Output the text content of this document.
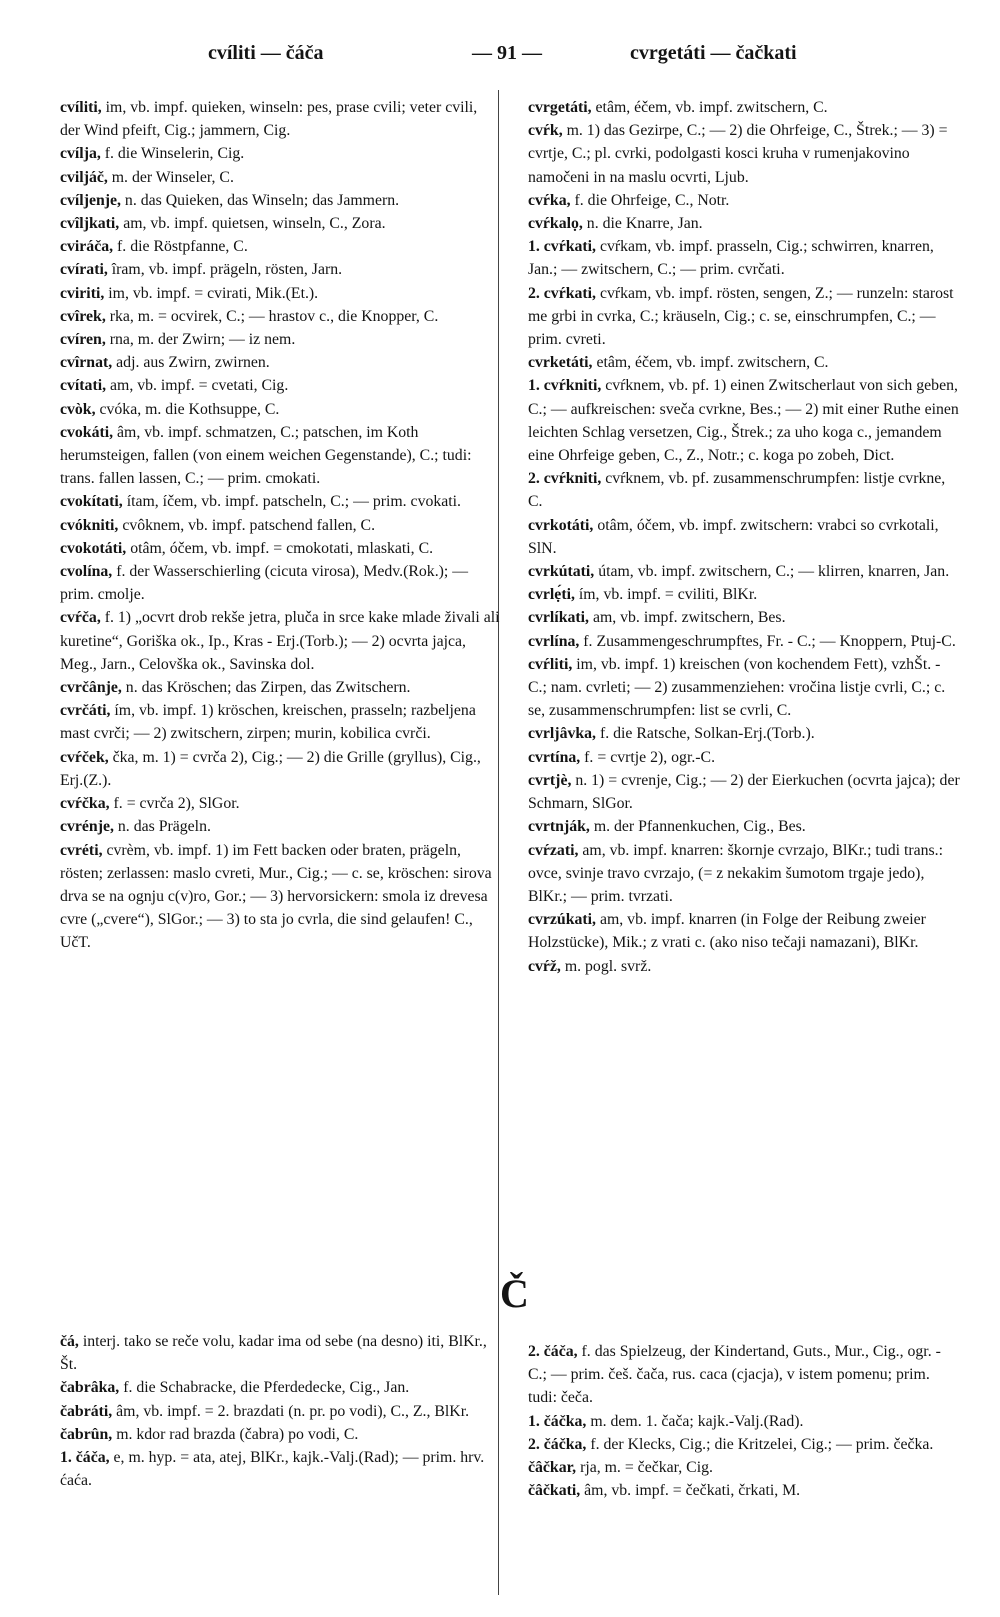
cvíliti — čáča	— 91 —	cvrgetáti — čačkati
cvíliti, im, vb. impf. quieken, winseln: pes, prase cvili; veter cvili, der Wind pfeift, Cig.; jammern, Cig.
cvílja, f. die Winselerin, Cig.
cviljáč, m. der Winseler, C.
cvíljenje, n. das Quieken, das Winseln; das Jammern.
cvîljkati, am, vb. impf. quietsen, winseln, C., Zora.
cviráča, f. die Röstpfanne, C.
cvírati, îram, vb. impf. prägeln, rösten, Jarn.
cviriti, im, vb. impf. = cvirati, Mik.(Et.).
cvîrek, rka, m. = ocvirek, C.; — hrastov c., die Knopper, C.
cvíren, rna, m. der Zwirn; — iz nem.
cvîrnat, adj. aus Zwirn, zwirnen.
cvítati, am, vb. impf. = cvetati, Cig.
cvòk, cvóka, m. die Kothsuppe, C.
cvokáti, âm, vb. impf. schmatzen, C.; patschen, im Koth herumsteigen, fallen (von einem weichen Gegenstande), C.; tudi: trans. fallen lassen, C.; — prim. cmokati.
cvokítati, ítam, íčem, vb. impf. patscheln, C.; — prim. cvokati.
cvókniti, cvôknem, vb. impf. patschend fallen, C.
cvokotáti, otâm, óčem, vb. impf. = cmokotati, mlaskati, C.
cvolína, f. der Wasserschierling (cicuta virosa), Medv.(Rok.); — prim. cmolje.
cvŕča, f. 1) „ocvrt drob rekše jetra, pluča in srce kake mlade živali ali kuretine“, Goriška ok., Ip., Kras - Erj.(Torb.); — 2) ocvrta jajca, Meg., Jarn., Celovška ok., Savinska dol.
cvrčânje, n. das Kröschen; das Zirpen, das Zwitschern.
cvrčáti, ím, vb. impf. 1) kröschen, kreischen, prasseln; razbeljena mast cvrči; — 2) zwitschern, zirpen; murin, kobilica cvrči.
cvŕček, čka, m. 1) = cvrča 2), Cig.; — 2) die Grille (gryllus), Cig., Erj.(Z.).
cvŕčka, f. = cvrča 2), SlGor.
cvrénje, n. das Prägeln.
cvréti, cvrèm, vb. impf. 1) im Fett backen oder braten, prägeln, rösten; zerlassen: maslo cvreti, Mur., Cig.; — c. se, kröschen: sirova drva se na ognju c(v)ro, Gor.; — 3) hervorsickern: smola iz drevesa cvre („cvere“), SlGor.; — 3) to sta jo cvrla, die sind gelaufen! C., UčT.
čá, interj. tako se reče volu, kadar ima od sebe (na desno) iti, BlKr., Št.
čabrâka, f. die Schabracke, die Pferdedecke, Cig., Jan.
čabráti, âm, vb. impf. = 2. brazdati (n. pr. po vodi), C., Z., BlKr.
čabrûn, m. kdor rad brazda (čabra) po vodi, C.
1. čáča, e, m. hyp. = ata, atej, BlKr., kajk.-Valj.(Rad); — prim. hrv. ćaća.
cvrgetáti, etâm, éčem, vb. impf. zwitschern, C.
cvŕk, m. 1) das Gezirpe, C.; — 2) die Ohrfeige, C., Štrek.; — 3) = cvrtje, C.; pl. cvrki, podolgasti kosci kruha v rumenjakovino namočeni in na maslu ocvrti, Ljub.
cvŕka, f. die Ohrfeige, C., Notr.
cvŕkalọ, n. die Knarre, Jan.
1. cvŕkati, cvŕkam, vb. impf. prasseln, Cig.; schwirren, knarren, Jan.; — zwitschern, C.; — prim. cvrčati.
2. cvŕkati, cvŕkam, vb. impf. rösten, sengen, Z.; — runzeln: starost me grbi in cvrka, C.; kräuseln, Cig.; c. se, einschrumpfen, C.; — prim. cvreti.
cvrketáti, etâm, éčem, vb. impf. zwitschern, C.
1. cvŕkniti, cvŕknem, vb. pf. 1) einen Zwitscherlaut von sich geben, C.; — aufkreischen: sveča cvrkne, Bes.; — 2) mit einer Ruthe einen leichten Schlag versetzen, Cig., Štrek.; za uho koga c., jemandem eine Ohrfeige geben, C., Z., Notr.; c. koga po zobeh, Dict.
2. cvŕkniti, cvŕknem, vb. pf. zusammenschrumpfen: listje cvrkne, C.
cvrkotáti, otâm, óčem, vb. impf. zwitschern: vrabci so cvrkotali, SlN.
cvrkútati, útam, vb. impf. zwitschern, C.; — klirren, knarren, Jan.
cvrlẹ́ti, ím, vb. impf. = cviliti, BlKr.
cvrlíkati, am, vb. impf. zwitschern, Bes.
cvrlína, f. Zusammengeschrumpftes, Fr. - C.; — Knoppern, Ptuj-C.
cvŕliti, im, vb. impf. 1) kreischen (von kochendem Fett), vzhŠt. - C.; nam. cvrleti; — 2) zusammenziehen: vročina listje cvrli, C.; c. se, zusammenschrumpfen: list se cvrli, C.
cvrljâvka, f. die Ratsche, Solkan-Erj.(Torb.).
cvrtína, f. = cvrtje 2), ogr.-C.
cvrtjè, n. 1) = cvrenje, Cig.; — 2) der Eierkuchen (ocvrta jajca); der Schmarn, SlGor.
cvrtnják, m. der Pfannenkuchen, Cig., Bes.
cvŕzati, am, vb. impf. knarren: škornje cvrzajo, BlKr.; tudi trans.: ovce, svinje travo cvrzajo, (= z nekakim šumotom trgaje jedo), BlKr.; — prim. tvrzati.
cvrzúkati, am, vb. impf. knarren (in Folge der Reibung zweier Holzstücke), Mik.; z vrati c. (ako niso tečaji namazani), BlKr.
cvŕž, m. pogl. svrž.
Č
2. čáča, f. das Spielzeug, der Kindertand, Guts., Mur., Cig., ogr. - C.; — prim. češ. čača, rus. caca (cjacja), v istem pomenu; prim. tudi: čeča.
1. čáčka, m. dem. 1. čača; kajk.-Valj.(Rad).
2. čáčka, f. der Klecks, Cig.; die Kritzelei, Cig.; — prim. čečka.
čâčkar, rja, m. = čečkar, Cig.
čâčkati, âm, vb. impf. = čečkati, črkati, M.
